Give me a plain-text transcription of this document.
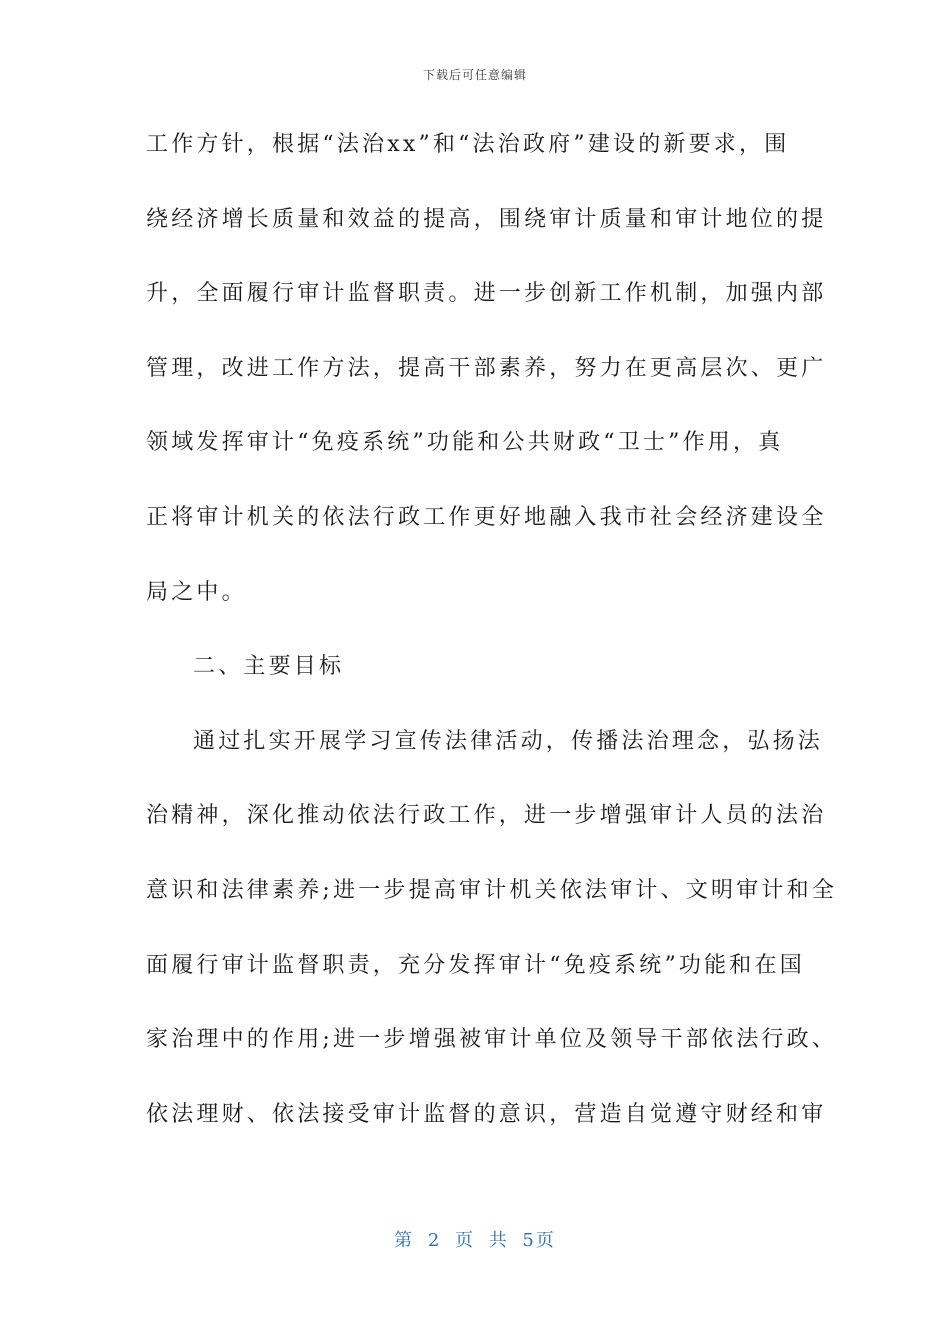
下载后可任意编辑
工作方针，根据“法治xx”和“法治政府”建设的新要求，围
绕经济增长质量和效益的提高，围绕审计质量和审计地位的提
升，全面履行审计监督职责。进一步创新工作机制，加强内部
管理，改进工作方法，提高干部素养，努力在更高层次、更广
领域发挥审计“免疫系统”功能和公共财政“卫士”作用，真
正将审计机关的依法行政工作更好地融入我市社会经济建设全
局之中。
二、主要目标
通过扎实开展学习宣传法律活动，传播法治理念，弘扬法
治精神，深化推动依法行政工作，进一步增强审计人员的法治
意识和法律素养;进一步提高审计机关依法审计、文明审计和全
面履行审计监督职责，充分发挥审计“免疫系统”功能和在国
家治理中的作用;进一步增强被审计单位及领导干部依法行政、
依法理财、依法接受审计监督的意识，营造自觉遵守财经和审
第 2 页 共 5页
